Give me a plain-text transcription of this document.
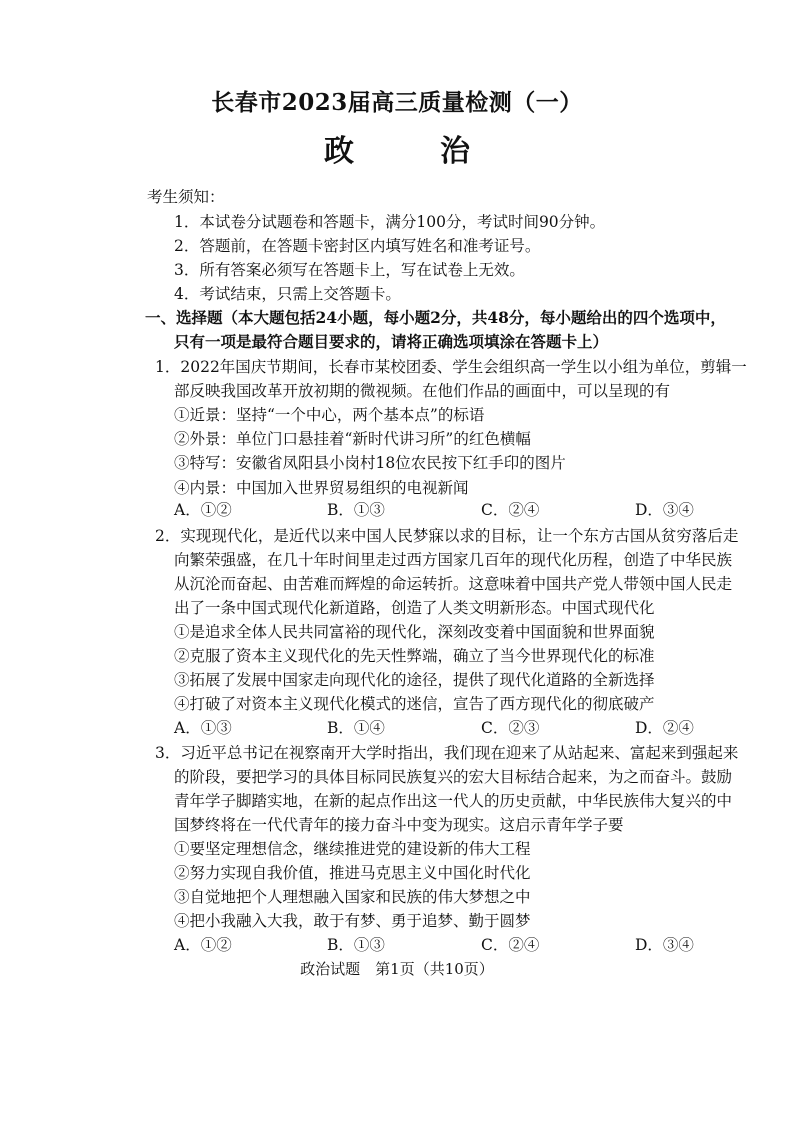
长春市2023届高三质量检测（一）
政　治
考生须知：
1．本试卷分试题卷和答题卡，满分100分，考试时间90分钟。
2．答题前，在答题卡密封区内填写姓名和准考证号。
3．所有答案必须写在答题卡上，写在试卷上无效。
4．考试结束，只需上交答题卡。
一、选择题（本大题包括24小题，每小题2分，共48分，每小题给出的四个选项中，
只有一项是最符合题目要求的，请将正确选项填涂在答题卡上）
1．2022年国庆节期间，长春市某校团委、学生会组织高一学生以小组为单位，剪辑一
部反映我国改革开放初期的微视频。在他们作品的画面中，可以呈现的有
①近景：坚持“一个中心，两个基本点”的标语
②外景：单位门口悬挂着“新时代讲习所”的红色横幅
③特写：安徽省凤阳县小岗村18位农民按下红手印的图片
④内景：中国加入世界贸易组织的电视新闻
A．①②	B．①③	C．②④	D．③④
2．实现现代化，是近代以来中国人民梦寐以求的目标，让一个东方古国从贫穷落后走
向繁荣强盛，在几十年时间里走过西方国家几百年的现代化历程，创造了中华民族
从沉沦而奋起、由苦难而辉煌的命运转折。这意味着中国共产党人带领中国人民走
出了一条中国式现代化新道路，创造了人类文明新形态。中国式现代化
①是追求全体人民共同富裕的现代化，深刻改变着中国面貌和世界面貌
②克服了资本主义现代化的先天性弊端，确立了当今世界现代化的标准
③拓展了发展中国家走向现代化的途径，提供了现代化道路的全新选择
④打破了对资本主义现代化模式的迷信，宣告了西方现代化的彻底破产
A．①③	B．①④	C．②③	D．②④
3．习近平总书记在视察南开大学时指出，我们现在迎来了从站起来、富起来到强起来
的阶段，要把学习的具体目标同民族复兴的宏大目标结合起来，为之而奋斗。鼓励
青年学子脚踏实地，在新的起点作出这一代人的历史贡献，中华民族伟大复兴的中
国梦终将在一代代青年的接力奋斗中变为现实。这启示青年学子要
①要坚定理想信念，继续推进党的建设新的伟大工程
②努力实现自我价值，推进马克思主义中国化时代化
③自觉地把个人理想融入国家和民族的伟大梦想之中
④把小我融入大我，敢于有梦、勇于追梦、勤于圆梦
A．①②	B．①③	C．②④	D．③④
政治试题　第1页（共10页）
